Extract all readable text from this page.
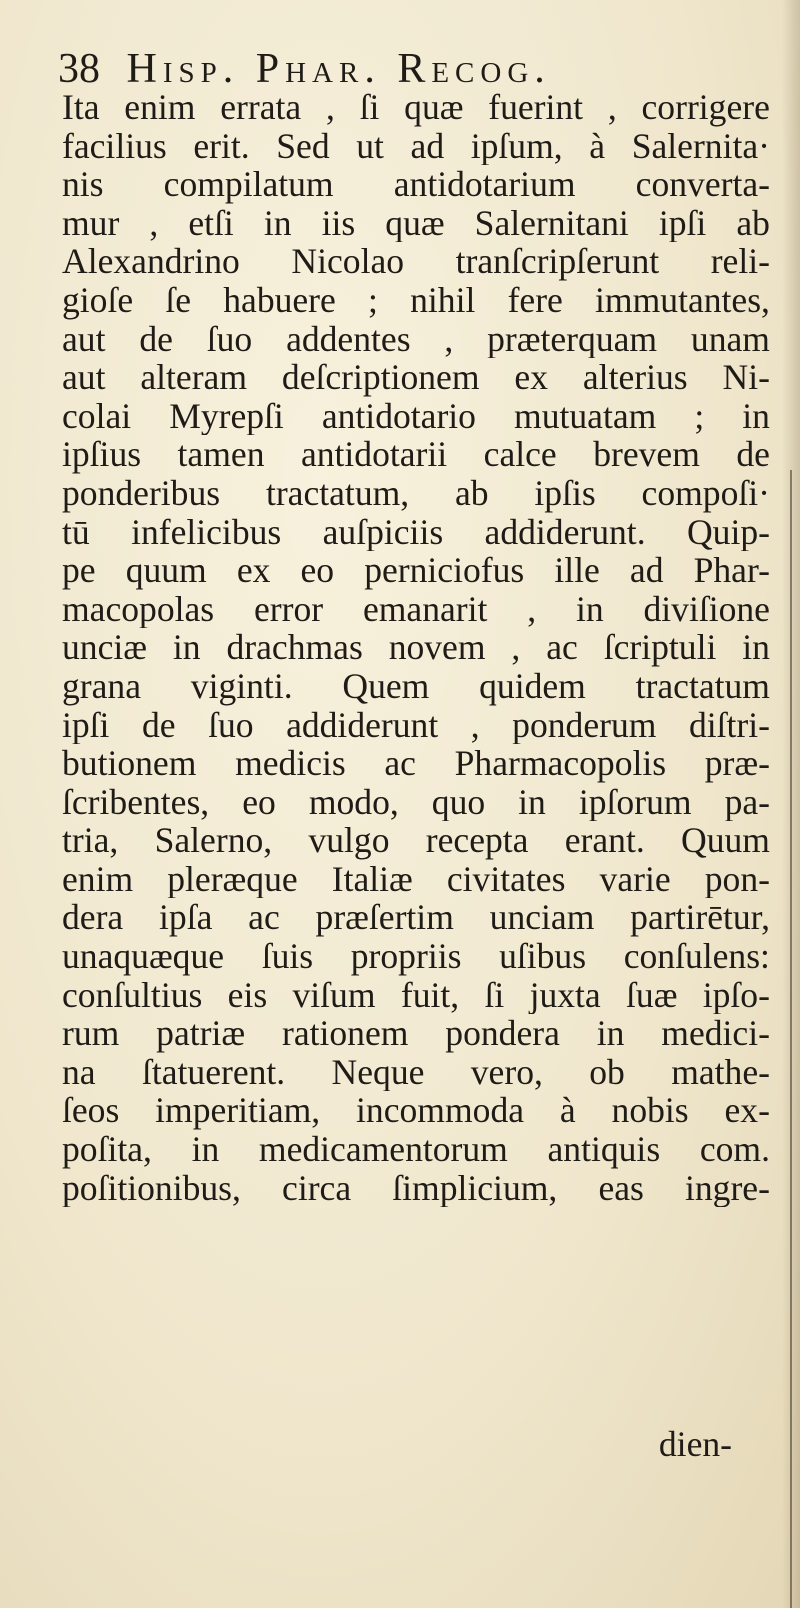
38 Hisp. Phar. Recog.
Ita enim errata , ſi quæ fuerint , corrigere
facilius erit. Sed ut ad ipſum, à Salernita·
nis compilatum antidotarium converta-
mur , etſi in iis quæ Salernitani ipſi ab
Alexandrino Nicolao tranſcripſerunt reli-
gioſe ſe habuere ; nihil fere immutantes,
aut de ſuo addentes , præterquam unam
aut alteram deſcriptionem ex alterius Ni-
colai Myrepſi antidotario mutuatam ; in
ipſius tamen antidotarii calce brevem de
ponderibus tractatum, ab ipſis compoſi·
tū infelicibus auſpiciis addiderunt. Quip-
pe quum ex eo perniciofus ille ad Phar-
macopolas error emanarit , in diviſione
unciæ in drachmas novem , ac ſcriptuli in
grana viginti. Quem quidem tractatum
ipſi de ſuo addiderunt , ponderum diſtri-
butionem medicis ac Pharmacopolis præ-
ſcribentes, eo modo, quo in ipſorum pa-
tria, Salerno, vulgo recepta erant. Quum
enim pleræque Italiæ civitates varie pon-
dera ipſa ac præſertim unciam partirētur,
unaquæque ſuis propriis uſibus conſulens:
conſultius eis viſum fuit, ſi juxta ſuæ ipſo-
rum patriæ rationem pondera in medici-
na ſtatuerent. Neque vero, ob mathe-
ſeos imperitiam, incommoda à nobis ex-
poſita, in medicamentorum antiquis com.
poſitionibus, circa ſimplicium, eas ingre-
dien-
